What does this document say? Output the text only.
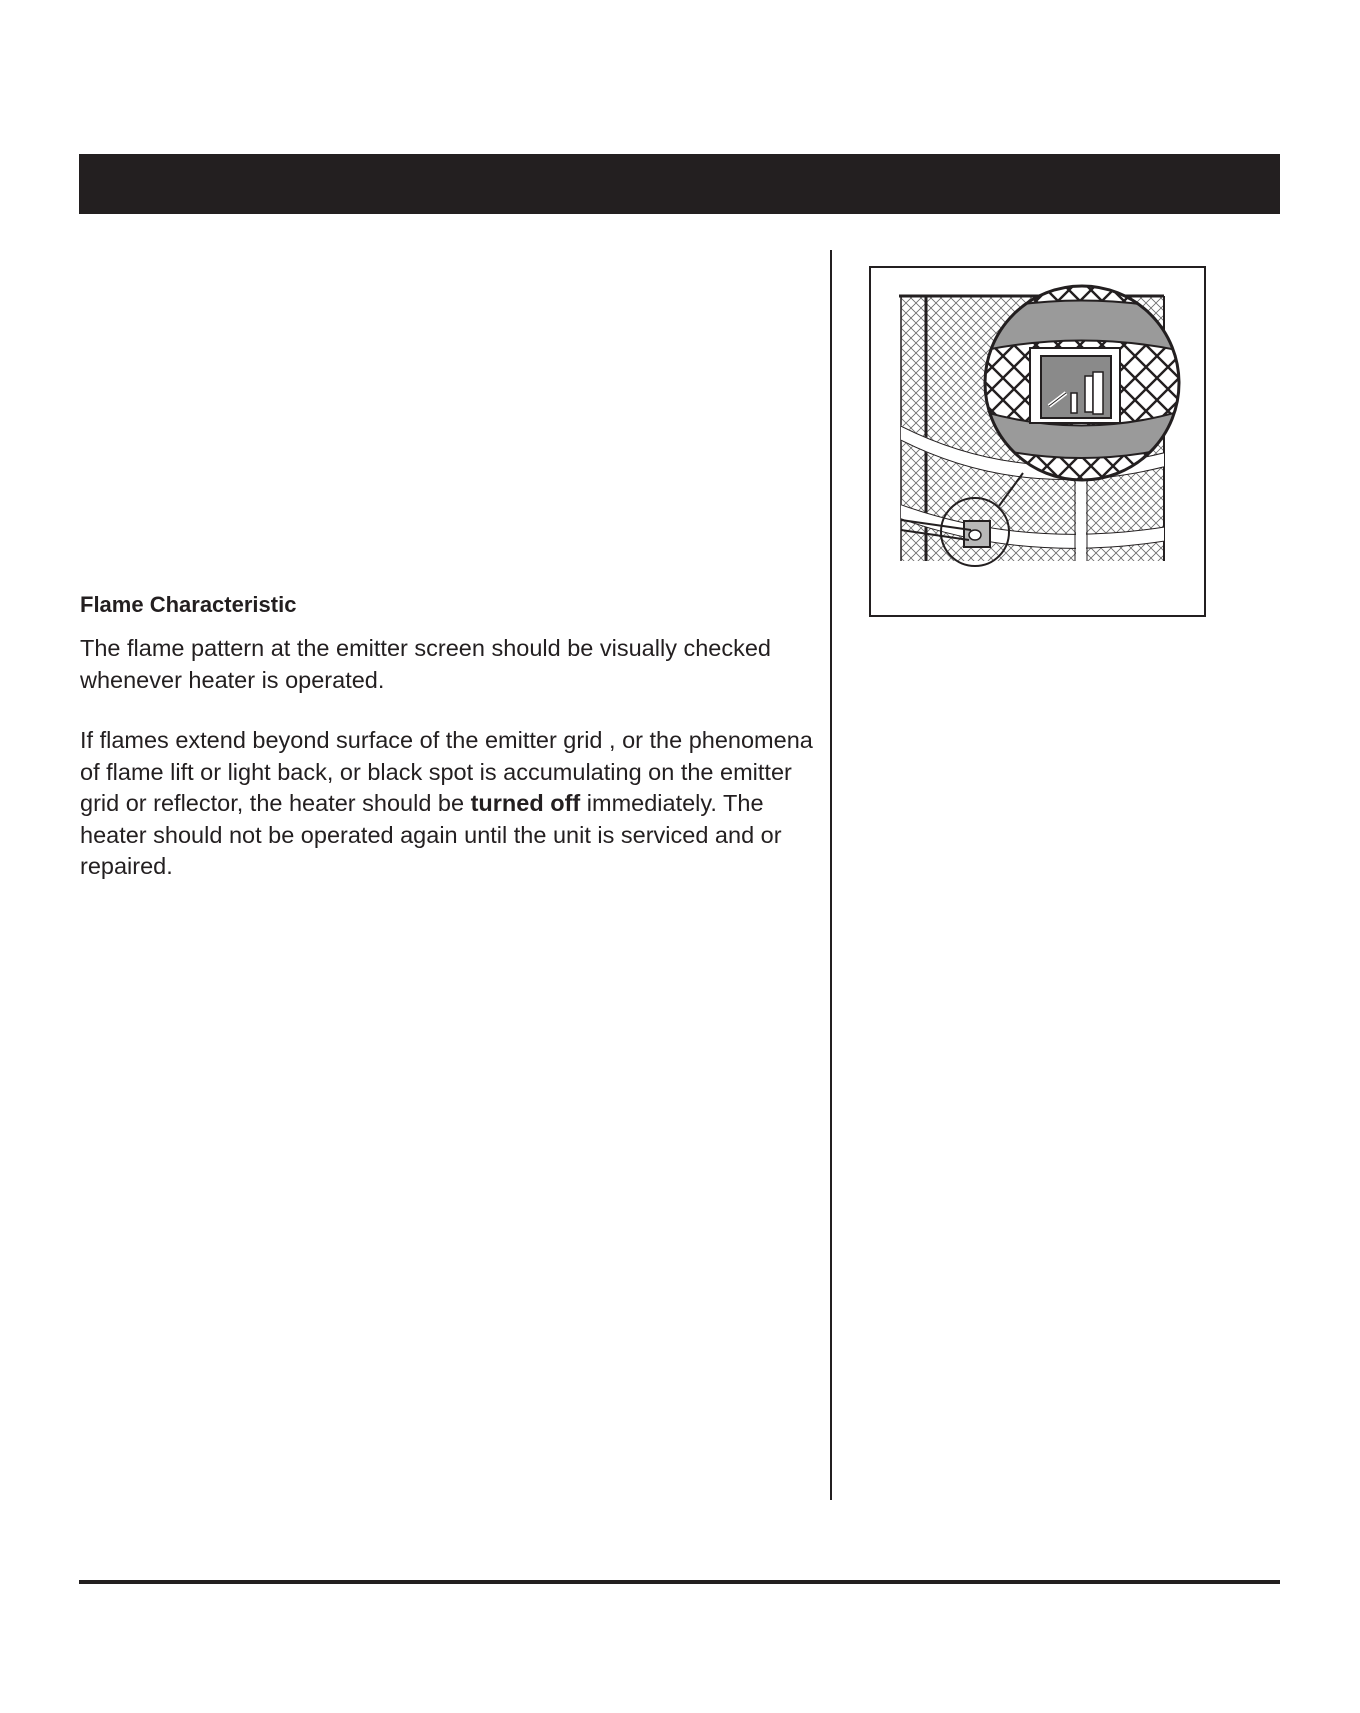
Flame Characteristic

The flame pattern at the emitter screen should be visually checked whenever heater is operated.

If flames extend beyond surface of the emitter grid , or the phenomena of flame lift or light back, or black spot is accumulating on the emitter grid or reflector, the heater should be turned off immediately. The heater should not be operated again until the unit is serviced and or repaired.
